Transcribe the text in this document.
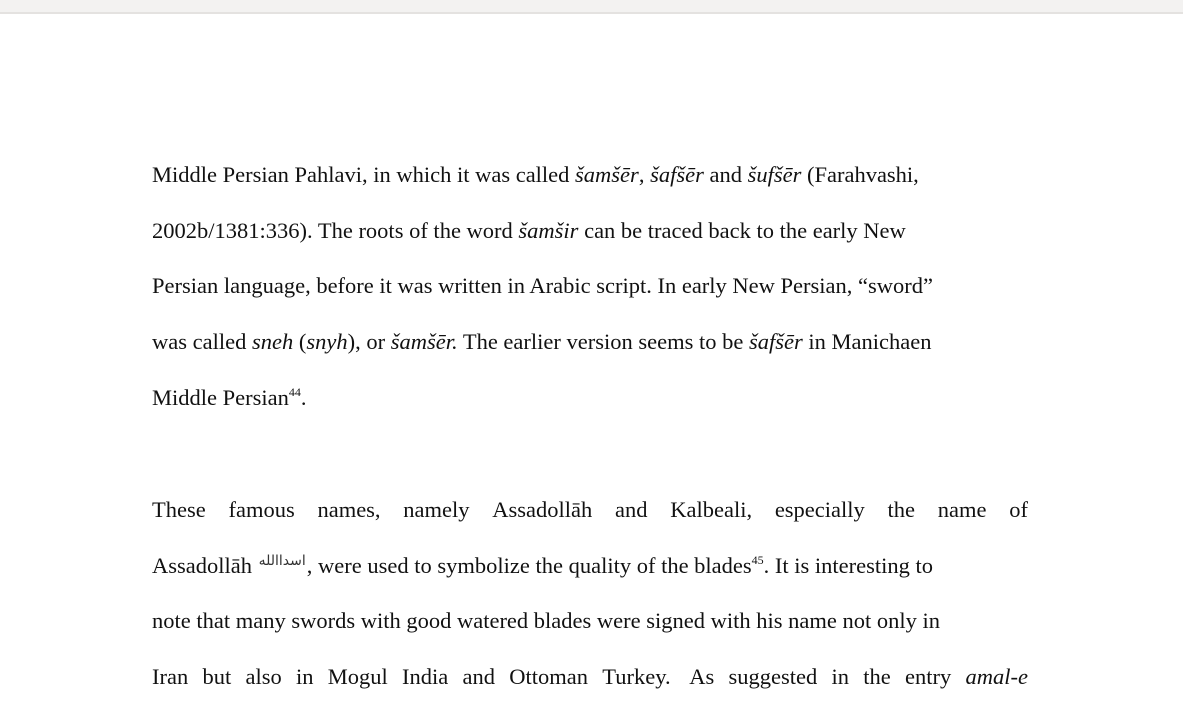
Middle Persian Pahlavi, in which it was called šamšēr, šafšēr and šufšēr (Farahvashi,
2002b/1381:336). The roots of the word šamšir can be traced back to the early New
Persian language, before it was written in Arabic script. In early New Persian, “sword”
was called sneh (snyh), or šamšēr. The earlier version seems to be šafšēr in Manichaen
Middle Persian$^{44}$.
These famous names, namely Assadollāh and Kalbeali, especially the name of
Assadollāh اسداالله, were used to symbolize the quality of the blades$^{45}$. It is interesting to
note that many swords with good watered blades were signed with his name not only in
Iran but also in Mogul India and Ottoman Turkey. As suggested in the entry amal-e
